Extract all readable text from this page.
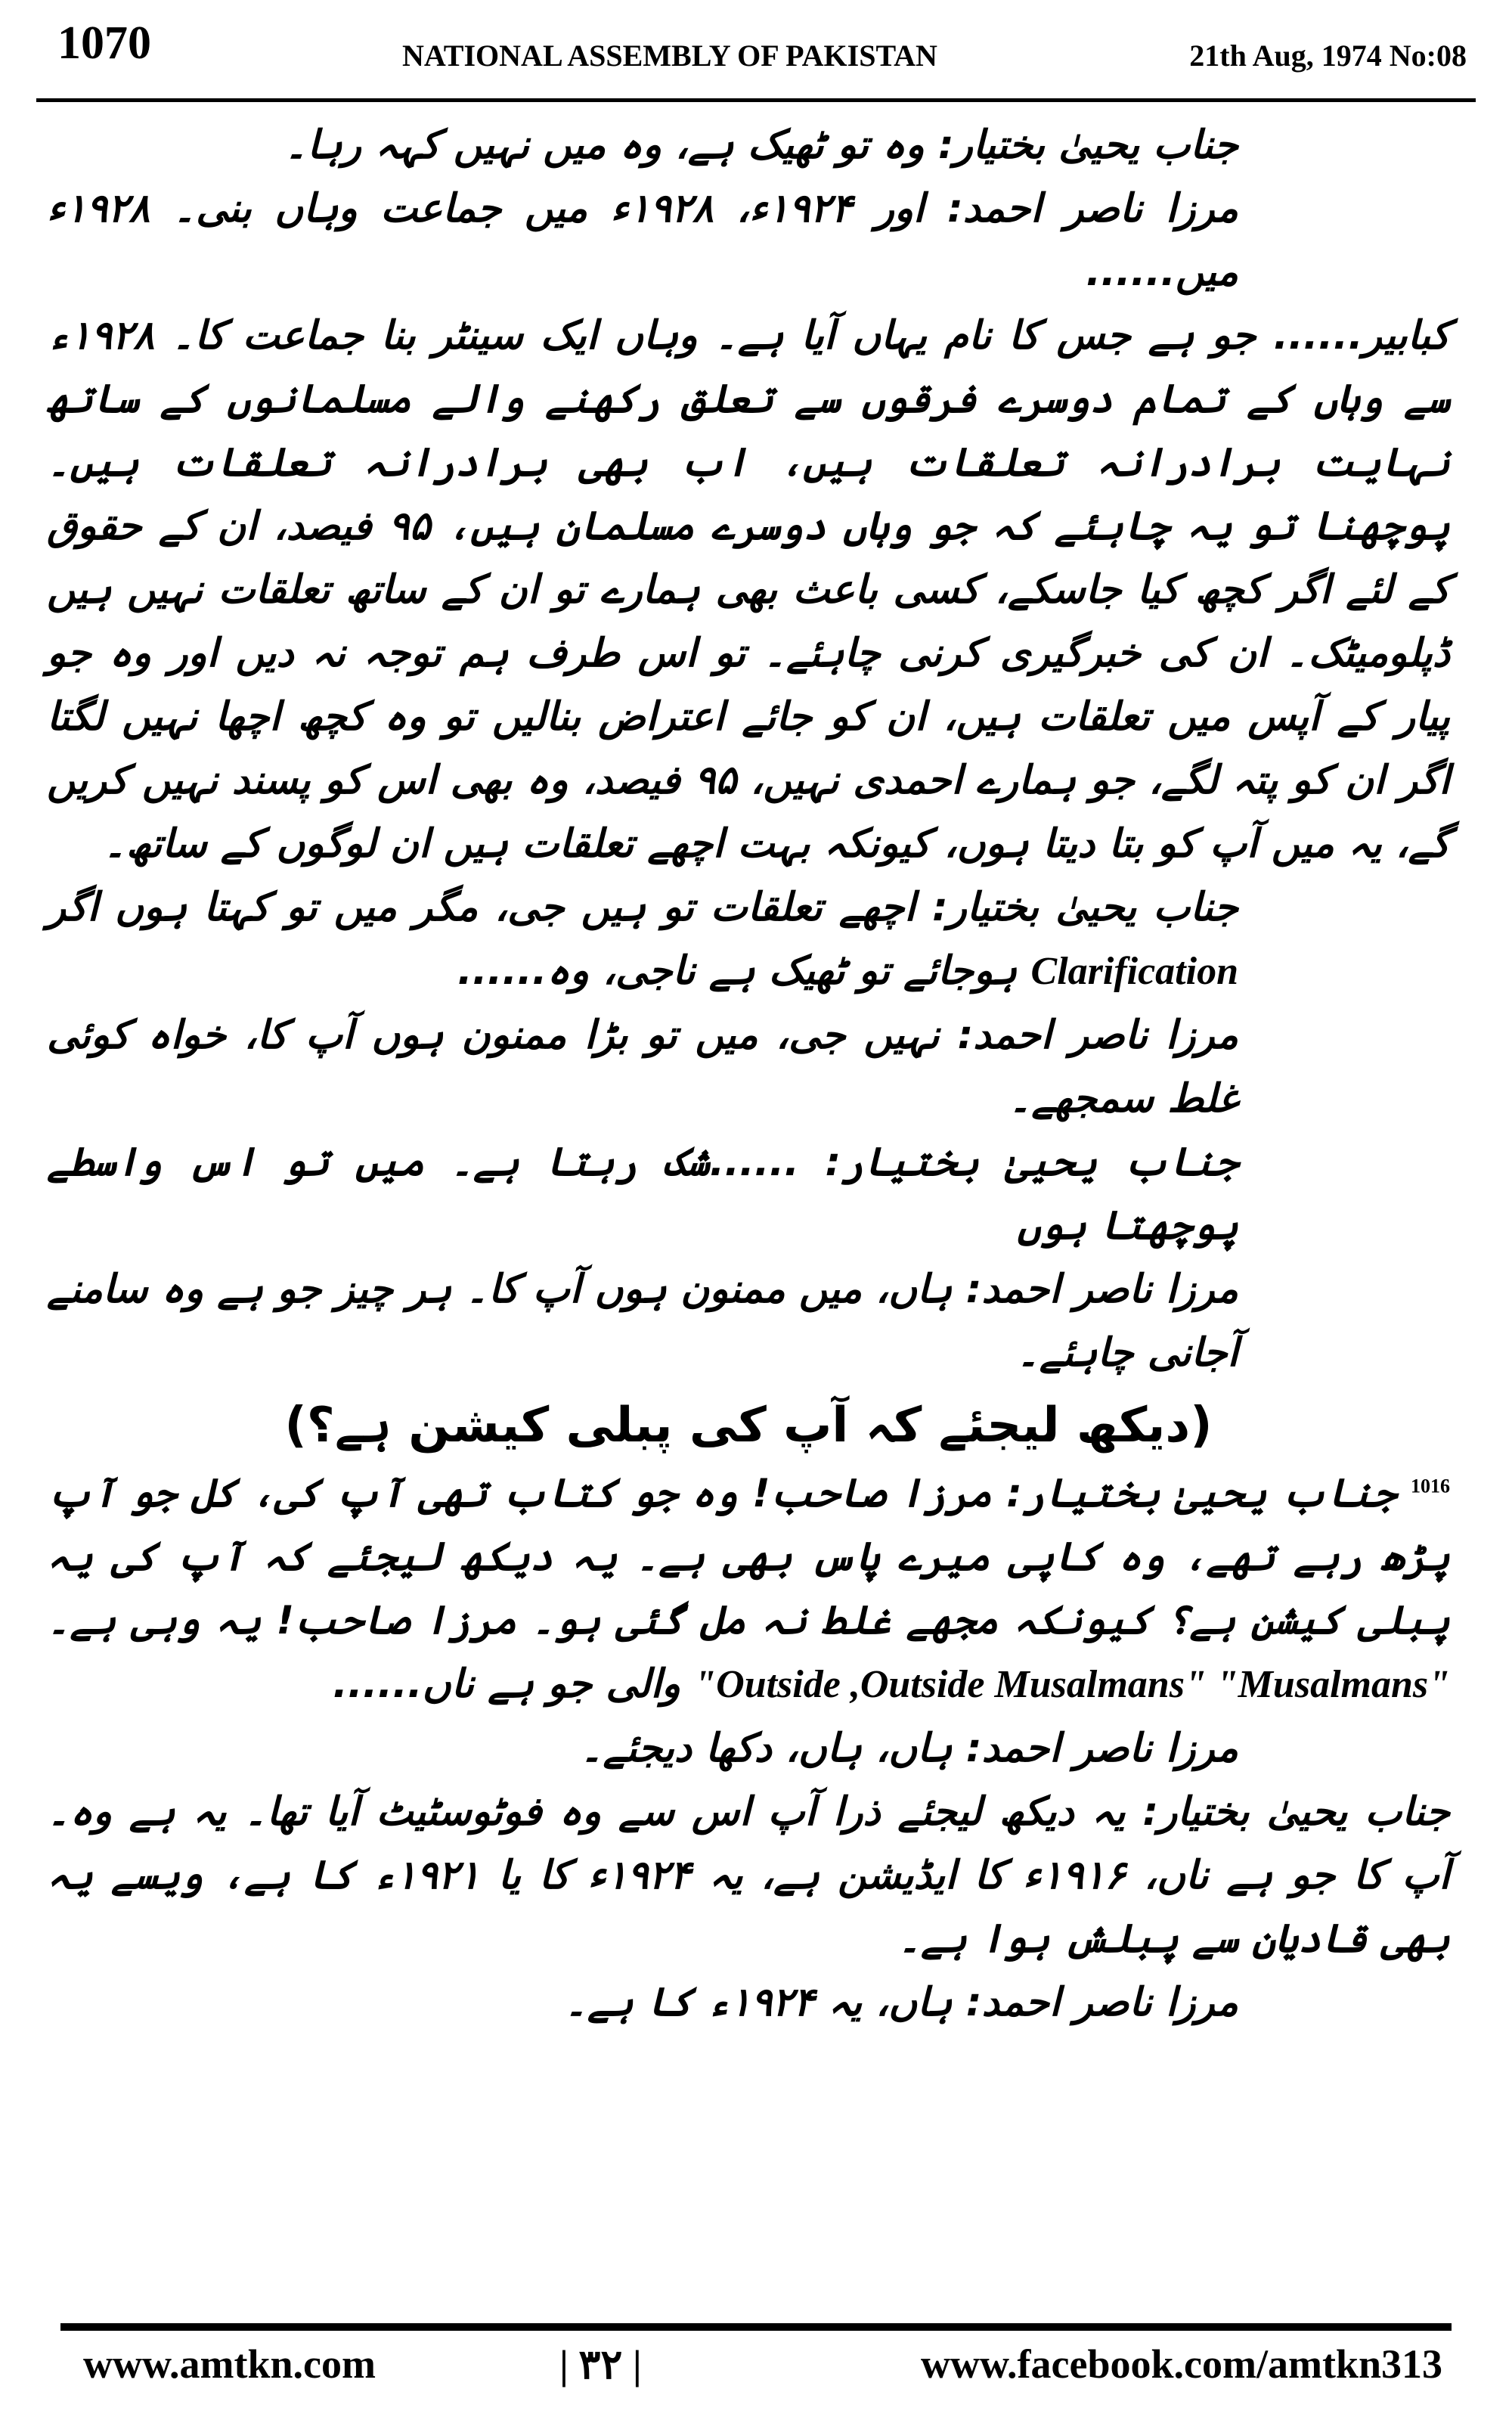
1070	NATIONAL ASSEMBLY OF PAKISTAN	21th Aug, 1974 No:08

جناب یحییٰ بختیار: وہ تو ٹھیک ہے، وہ میں نہیں کہہ رہا۔

مرزا ناصر احمد: اور ۱۹۲۴ء، ۱۹۲۸ء میں جماعت وہاں بنی۔ ۱۹۲۸ء میں......

کبابیر...... جو ہے جس کا نام یہاں آیا ہے۔ وہاں ایک سینٹر بنا جماعت کا۔ ۱۹۲۸ء سے وہاں کے تمام دوسرے فرقوں سے تعلق رکھنے والے مسلمانوں کے ساتھ نہایت برادرانہ تعلقات ہیں، اب بھی برادرانہ تعلقات ہیں۔ پوچھنا تو یہ چاہئے کہ جو وہاں دوسرے مسلمان ہیں، ۹۵ فیصد، ان کے حقوق کے لئے اگر کچھ کیا جاسکے، کسی باعث بھی ہمارے تو ان کے ساتھ تعلقات نہیں ہیں ڈپلومیٹک۔ ان کی خبرگیری کرنی چاہئے۔ تو اس طرف ہم توجہ نہ دیں اور وہ جو پیار کے آپس میں تعلقات ہیں، ان کو جائے اعتراض بنالیں تو وہ کچھ اچھا نہیں لگتا اگر ان کو پتہ لگے، جو ہمارے احمدی نہیں، ۹۵ فیصد، وہ بھی اس کو پسند نہیں کریں گے، یہ میں آپ کو بتا دیتا ہوں، کیونکہ بہت اچھے تعلقات ہیں ان لوگوں کے ساتھ۔

جناب یحییٰ بختیار: اچھے تعلقات تو ہیں جی، مگر میں تو کہتا ہوں اگر Clarification ہوجائے تو ٹھیک ہے ناجی، وہ......

مرزا ناصر احمد: نہیں جی، میں تو بڑا ممنون ہوں آپ کا، خواہ کوئی غلط سمجھے۔

جناب یحییٰ بختیار: ......شک رہتا ہے۔ میں تو اس واسطے پوچھتا ہوں

مرزا ناصر احمد: ہاں، میں ممنون ہوں آپ کا۔ ہر چیز جو ہے وہ سامنے آجانی چاہئے۔

(دیکھ لیجئے کہ آپ کی پبلی کیشن ہے؟)

$^{1016}$ جناب یحییٰ بختیار: مرزا صاحب! وہ جو کتاب تھی آپ کی، کل جو آپ پڑھ رہے تھے، وہ کاپی میرے پاس بھی ہے۔ یہ دیکھ لیجئے کہ آپ کی یہ پبلی کیشن ہے؟ کیونکہ مجھے غلط نہ مل گئی ہو۔ مرزا صاحب! یہ وہی ہے۔ "Outside ,Outside Musalmans" "Musalmans" والی جو ہے ناں......

مرزا ناصر احمد: ہاں، ہاں، دکھا دیجئے۔

جناب یحییٰ بختیار: یہ دیکھ لیجئے ذرا آپ اس سے وہ فوٹوسٹیٹ آیا تھا۔ یہ ہے وہ۔ آپ کا جو ہے ناں، ۱۹۱۶ء کا ایڈیشن ہے، یہ ۱۹۲۴ء کا یا ۱۹۲۱ء کا ہے، ویسے یہ بھی قادیان سے پبلش ہوا ہے۔

مرزا ناصر احمد: ہاں، یہ ۱۹۲۴ء کا ہے۔

www.amtkn.com	| ۳۲ |	www.facebook.com/amtkn313
